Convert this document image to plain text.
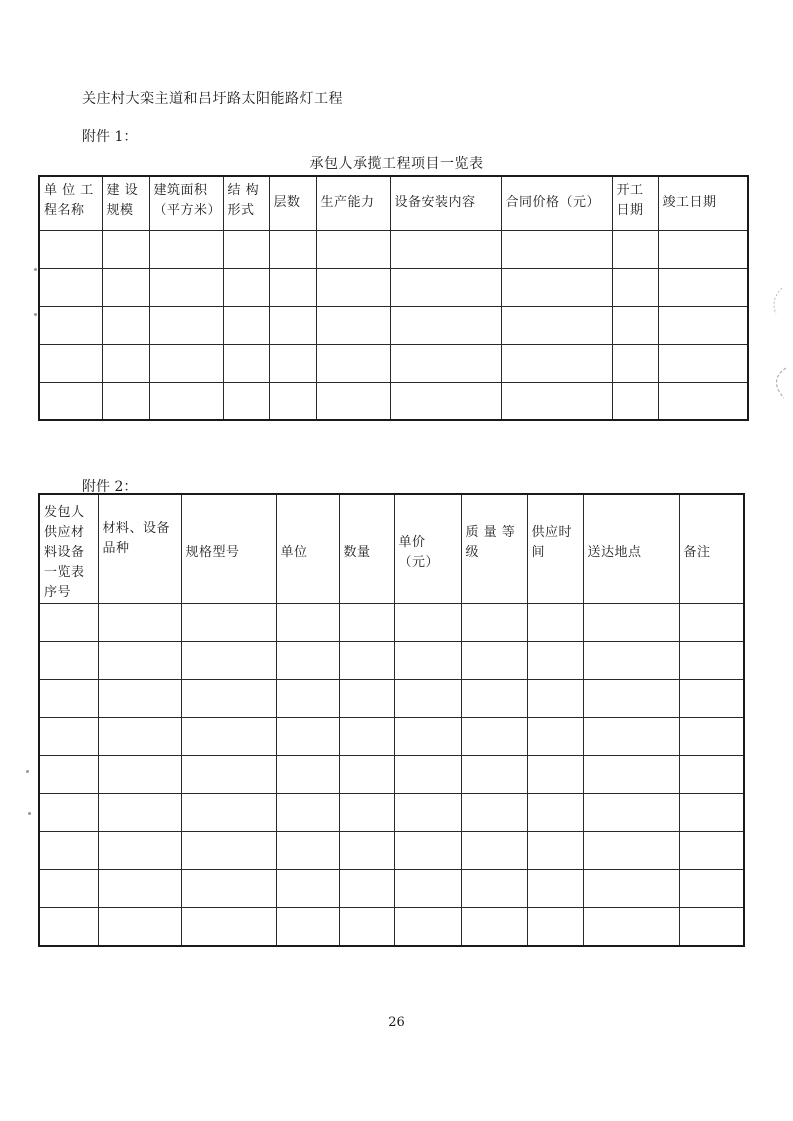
关庄村大栾主道和吕圩路太阳能路灯工程
附件 1：
承包人承揽工程项目一览表
单 位 工 程名称	建 设 规模	建筑面积（平方米）	结 构 形式	层数	生产能力	设备安装内容	合同价格（元）	开工 日期	竣工日期

附件 2：
发包人供应材料设备一览表序号	材料、设备品种	规格型号	单位	数量	单价（元）	质 量 等级	供应时间	送达地点	备注

26
